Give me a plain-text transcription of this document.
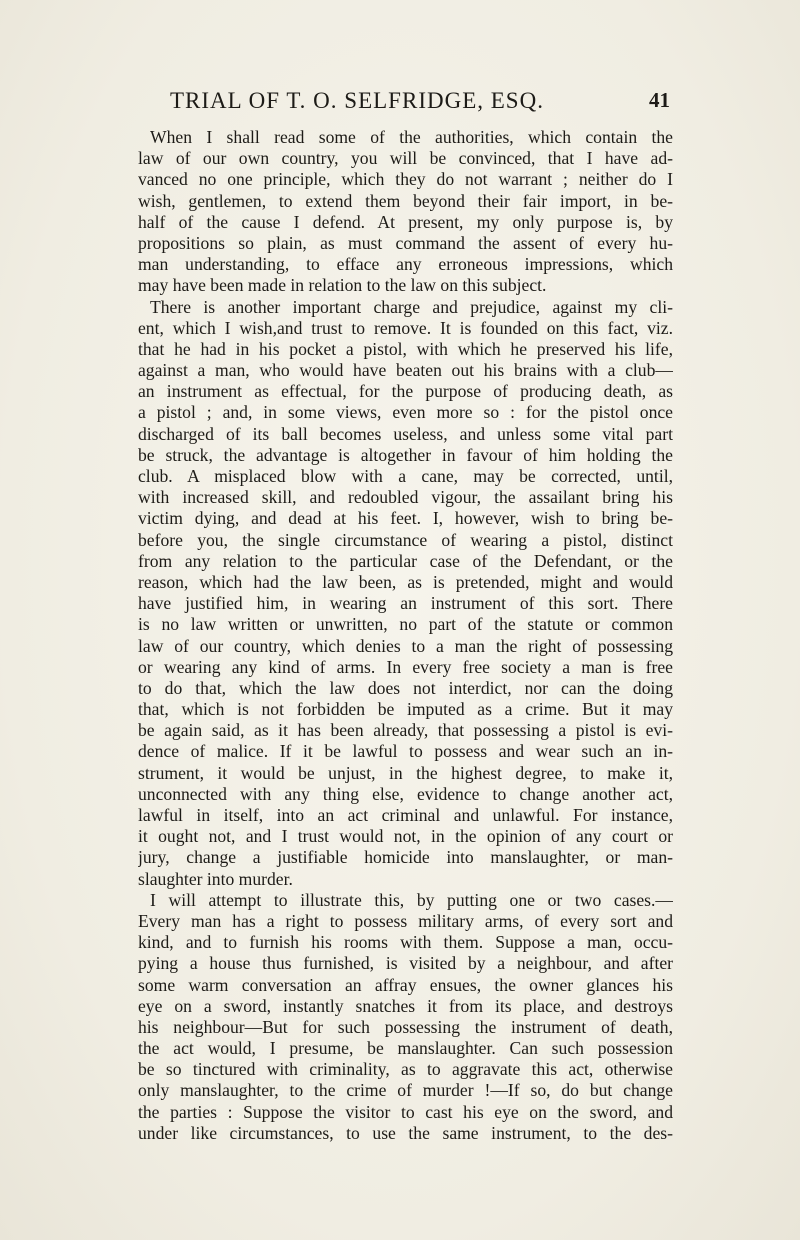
TRIAL OF T. O. SELFRIDGE, ESQ.	41
When I shall read some of the authorities, which contain the
law of our own country, you will be convinced, that I have ad-
vanced no one principle, which they do not warrant ; neither do I
wish, gentlemen, to extend them beyond their fair import, in be-
half of the cause I defend. At present, my only purpose is, by
propositions so plain, as must command the assent of every hu-
man understanding, to efface any erroneous impressions, which
may have been made in relation to the law on this subject.
There is another important charge and prejudice, against my cli-
ent, which I wish,and trust to remove. It is founded on this fact, viz.
that he had in his pocket a pistol, with which he preserved his life,
against a man, who would have beaten out his brains with a club—
an instrument as effectual, for the purpose of producing death, as
a pistol ; and, in some views, even more so : for the pistol once
discharged of its ball becomes useless, and unless some vital part
be struck, the advantage is altogether in favour of him holding the
club. A misplaced blow with a cane, may be corrected, until,
with increased skill, and redoubled vigour, the assailant bring his
victim dying, and dead at his feet. I, however, wish to bring be-
before you, the single circumstance of wearing a pistol, distinct
from any relation to the particular case of the Defendant, or the
reason, which had the law been, as is pretended, might and would
have justified him, in wearing an instrument of this sort. There
is no law written or unwritten, no part of the statute or common
law of our country, which denies to a man the right of possessing
or wearing any kind of arms. In every free society a man is free
to do that, which the law does not interdict, nor can the doing
that, which is not forbidden be imputed as a crime. But it may
be again said, as it has been already, that possessing a pistol is evi-
dence of malice. If it be lawful to possess and wear such an in-
strument, it would be unjust, in the highest degree, to make it,
unconnected with any thing else, evidence to change another act,
lawful in itself, into an act criminal and unlawful. For instance,
it ought not, and I trust would not, in the opinion of any court or
jury, change a justifiable homicide into manslaughter, or man-
slaughter into murder.
I will attempt to illustrate this, by putting one or two cases.—
Every man has a right to possess military arms, of every sort and
kind, and to furnish his rooms with them. Suppose a man, occu-
pying a house thus furnished, is visited by a neighbour, and after
some warm conversation an affray ensues, the owner glances his
eye on a sword, instantly snatches it from its place, and destroys
his neighbour—But for such possessing the instrument of death,
the act would, I presume, be manslaughter. Can such possession
be so tinctured with criminality, as to aggravate this act, otherwise
only manslaughter, to the crime of murder !—If so, do but change
the parties : Suppose the visitor to cast his eye on the sword, and
under like circumstances, to use the same instrument, to the des-
